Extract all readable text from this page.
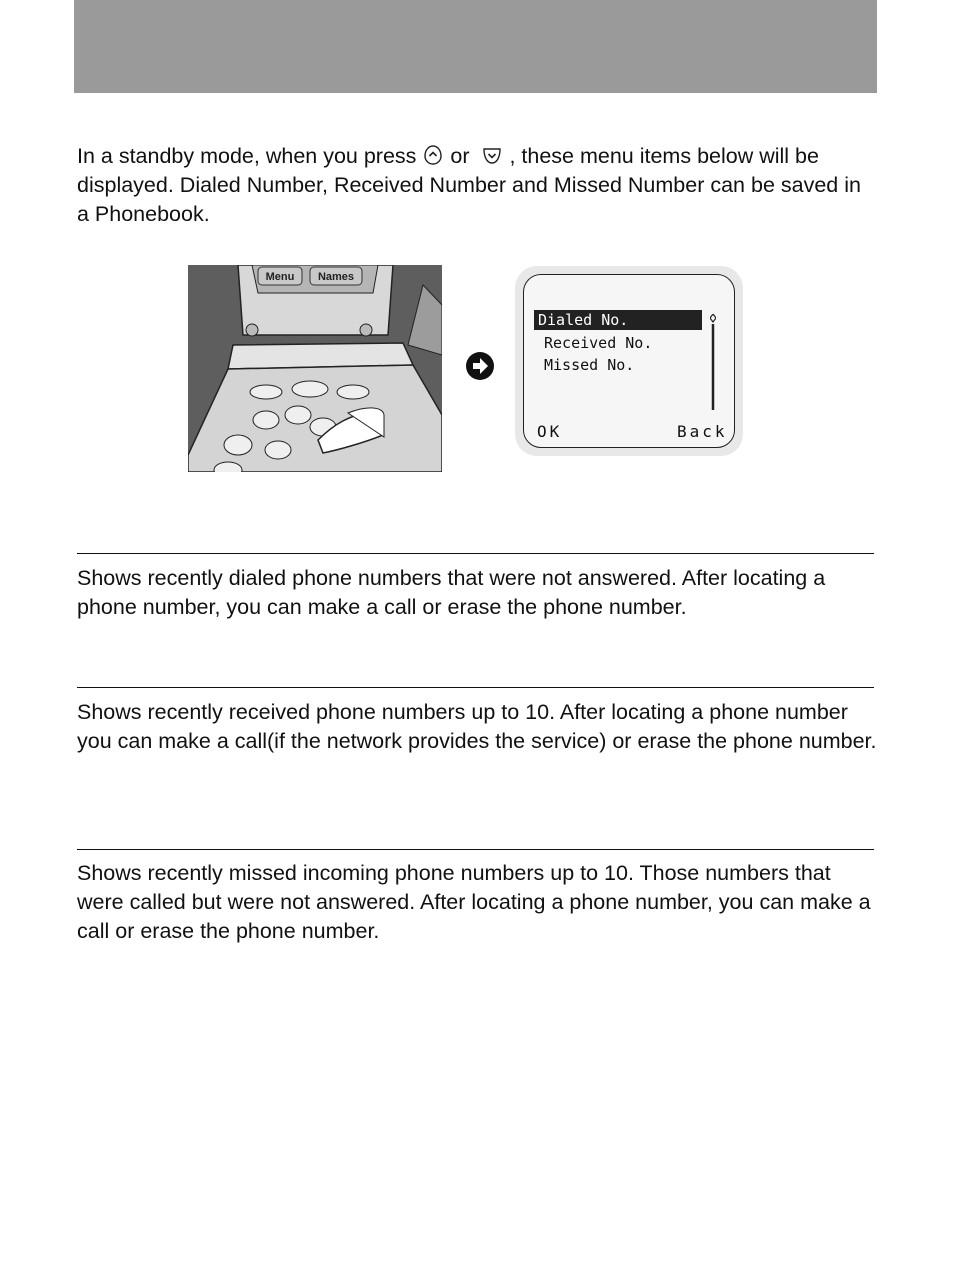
In a standby mode, when you press  or   , these menu items below will be displayed. Dialed Number, Received Number and Missed Number can be saved in a Phonebook.

Menu Names
Dialed No.
Received No.
Missed No.
OK	Back

Shows recently dialed phone numbers that were not answered. After locating a phone number, you can make a call or erase the phone number.

Shows recently received phone numbers up to 10. After locating a phone number you can make a call(if the network provides the service) or erase the phone number.

Shows recently missed incoming phone numbers up to 10. Those numbers that were called but were not answered. After locating a phone number, you can make a call or erase the phone number.
